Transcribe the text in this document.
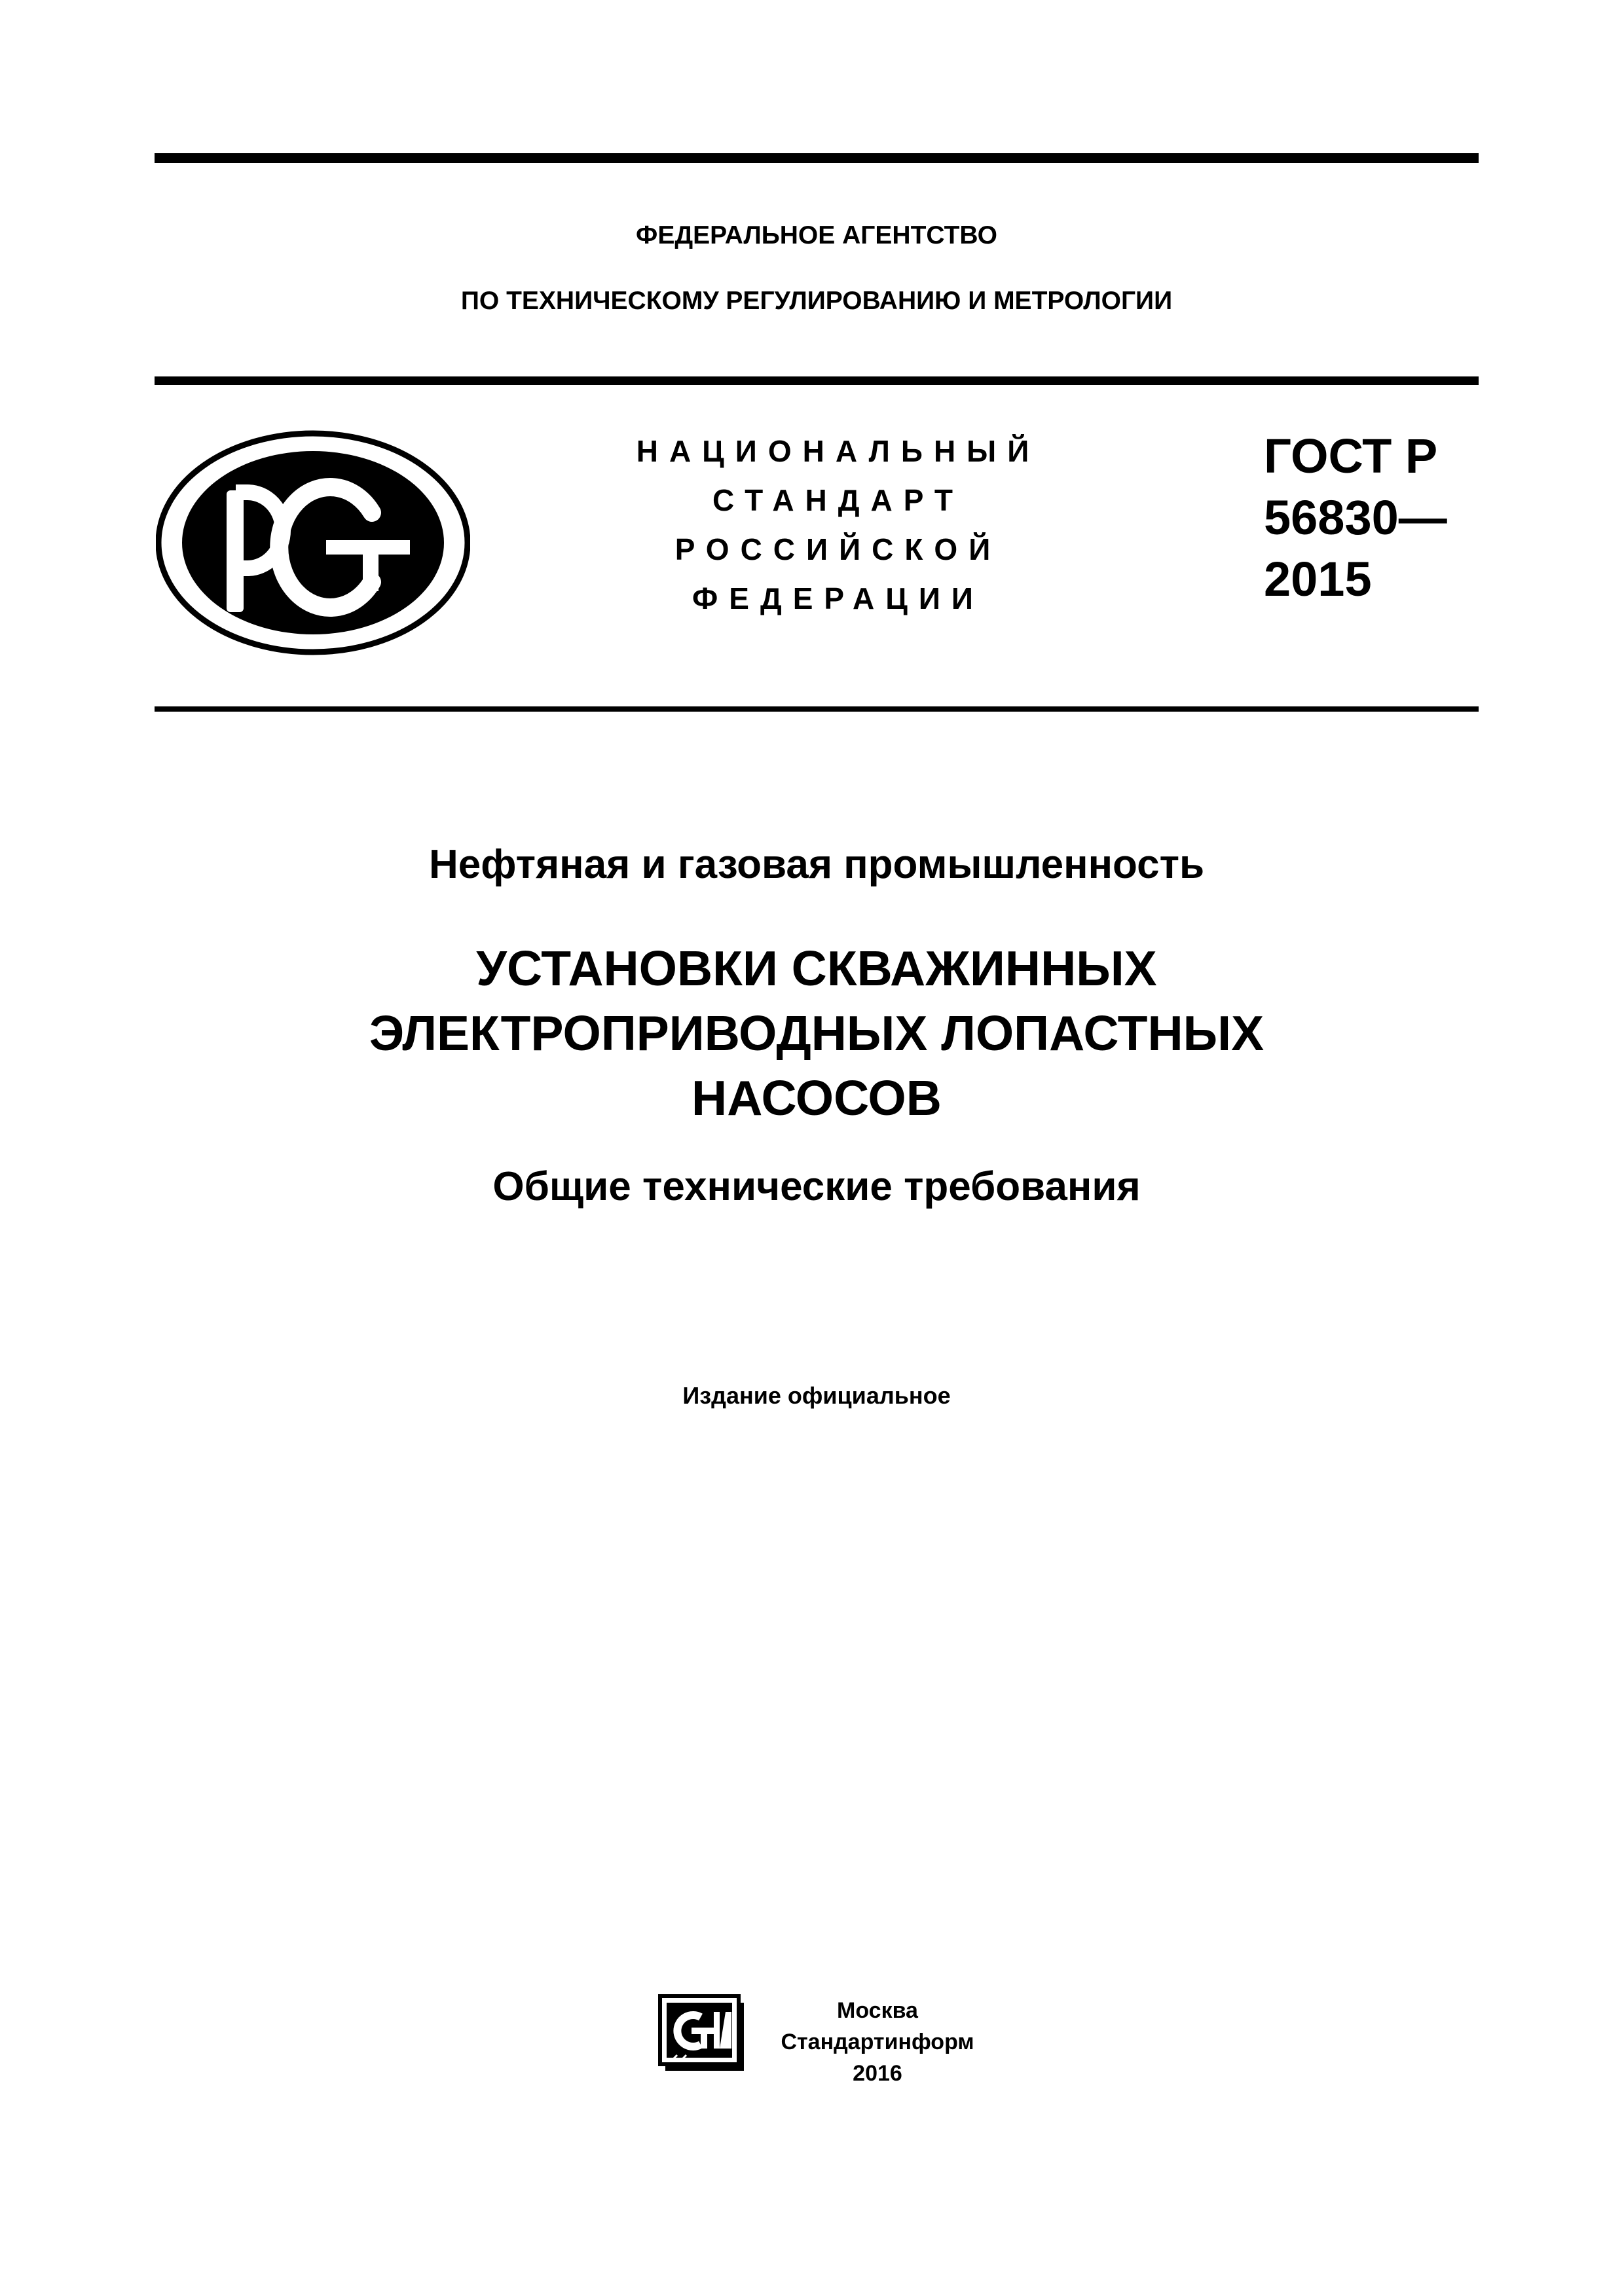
ФЕДЕРАЛЬНОЕ АГЕНТСТВО
ПО ТЕХНИЧЕСКОМУ РЕГУЛИРОВАНИЮ И МЕТРОЛОГИИ
НАЦИОНАЛЬНЫЙ
СТАНДАРТ
РОССИЙСКОЙ
ФЕДЕРАЦИИ
ГОСТ Р
56830—
2015
Нефтяная и газовая промышленность
УСТАНОВКИ СКВАЖИННЫХ
ЭЛЕКТРОПРИВОДНЫХ ЛОПАСТНЫХ
НАСОСОВ
Общие технические требования
Издание официальное
Москва
Стандартинформ
2016
